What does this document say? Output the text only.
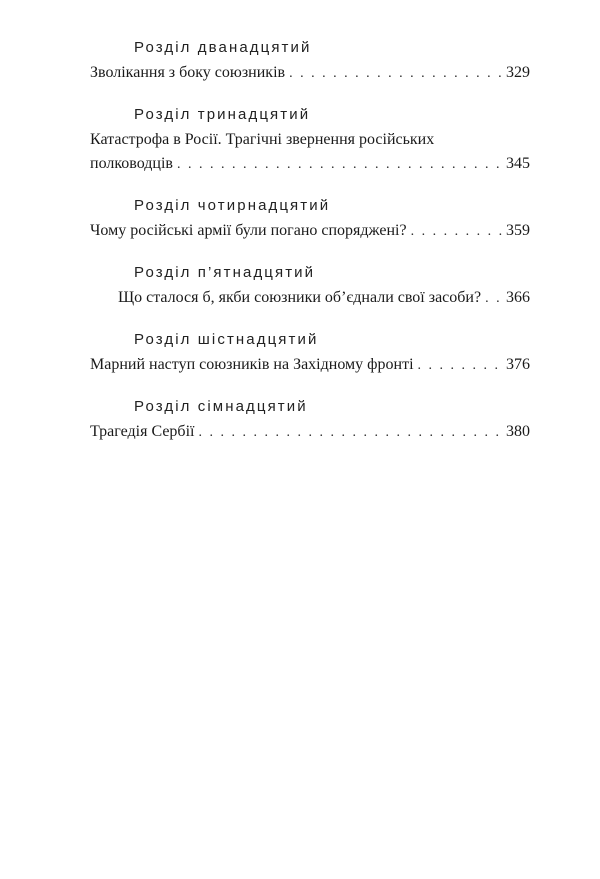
Розділ дванадцятий
Зволікання з боку союзників . . .	329
Розділ тринадцятий
Катастрофа в Росії. Трагічні звернення російських
полководців . . .	345
Розділ чотирнадцятий
Чому російські армії були погано споряджені? . . .	359
Розділ п’ятнадцятий
Що сталося б, якби союзники об’єднали свої засоби? . . . 366
Розділ шістнадцятий
Марний наступ союзників на Західному фронті . . .	376
Розділ сімнадцятий
Трагедія Сербії . . .	380
